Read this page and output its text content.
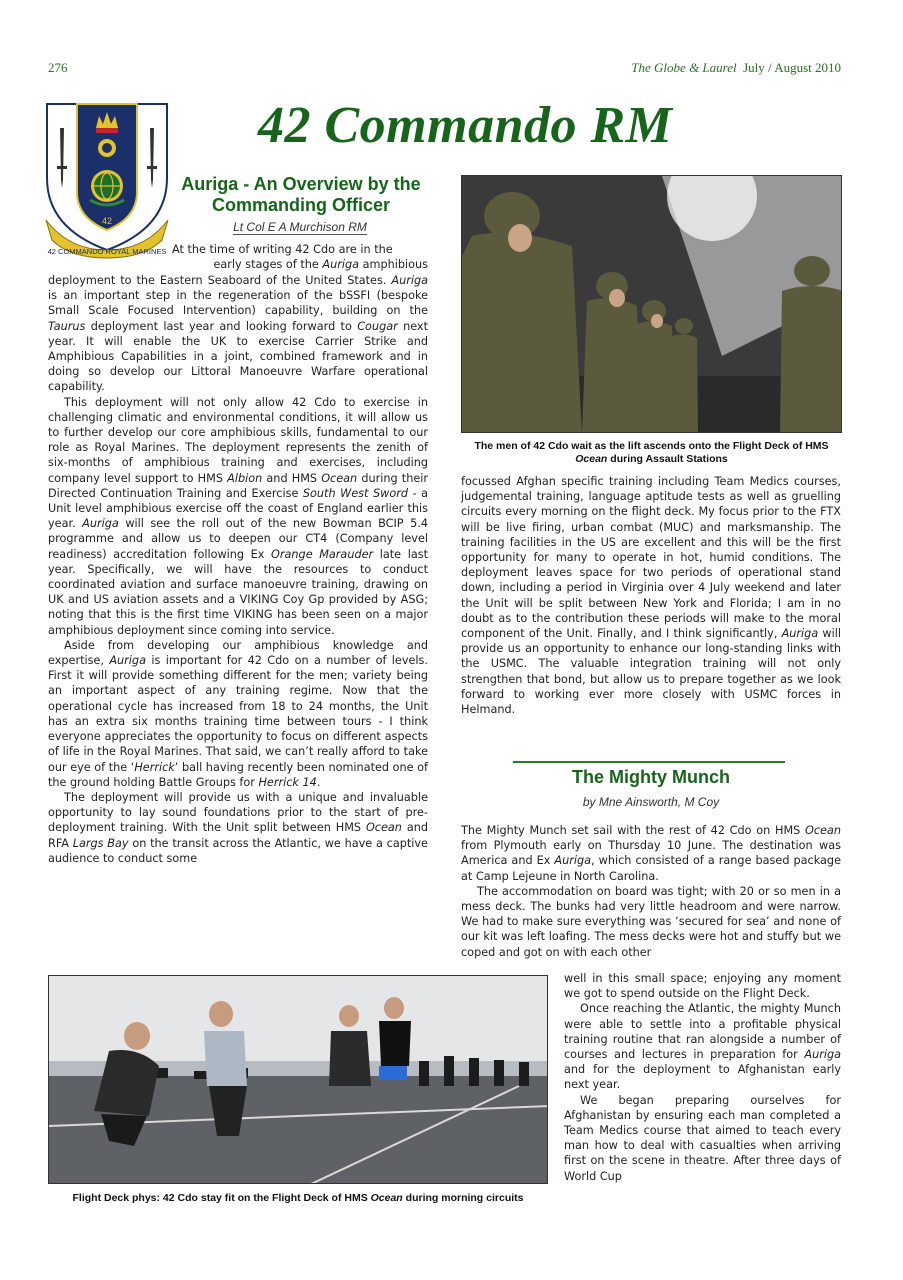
276	The Globe & Laurel July / August 2010
42 Commando RM
42 COMMANDO ROYAL MARINES
42
Auriga - An Overview by the
Commanding Officer
Lt Col E A Murchison RM
At the time of writing 42 Cdo are in the
early stages of the Auriga amphibious

deployment to the Eastern Seaboard of the United States. Auriga is an important step in the regeneration of the bSSFI (bespoke Small Scale Focused Intervention) capability, building on the Taurus deployment last year and looking forward to Cougar next year. It will enable the UK to exercise Carrier Strike and Amphibious Capabilities in a joint, combined framework and in doing so develop our Littoral Manoeuvre Warfare operational capability.

This deployment will not only allow 42 Cdo to exercise in challenging climatic and environmental conditions, it will allow us to further develop our core amphibious skills, fundamental to our role as Royal Marines. The deployment represents the zenith of six-months of amphibious training and exercises, including company level support to HMS Albion and HMS Ocean during their Directed Continuation Training and Exercise South West Sword - a Unit level amphibious exercise off the coast of England earlier this year. Auriga will see the roll out of the new Bowman BCIP 5.4 programme and allow us to deepen our CT4 (Company level readiness) accreditation following Ex Orange Marauder late last year. Specifically, we will have the resources to conduct coordinated aviation and surface manoeuvre training, drawing on UK and US aviation assets and a VIKING Coy Gp provided by ASG; noting that this is the first time VIKING has been seen on a major amphibious deployment since coming into service.

Aside from developing our amphibious knowledge and expertise, Auriga is important for 42 Cdo on a number of levels. First it will provide something different for the men; variety being an important aspect of any training regime. Now that the operational cycle has increased from 18 to 24 months, the Unit has an extra six months training time between tours - I think everyone appreciates the opportunity to focus on different aspects of life in the Royal Marines. That said, we can’t really afford to take our eye of the ‘Herrick’ ball having recently been nominated one of the ground holding Battle Groups for Herrick 14.

The deployment will provide us with a unique and invaluable opportunity to lay sound foundations prior to the start of pre-deployment training. With the Unit split between HMS Ocean and RFA Largs Bay on the transit across the Atlantic, we have a captive audience to conduct some

The men of 42 Cdo wait as the lift ascends onto the Flight Deck of HMS Ocean during Assault Stations

focussed Afghan specific training including Team Medics courses, judgemental training, language aptitude tests as well as gruelling circuits every morning on the flight deck. My focus prior to the FTX will be live firing, urban combat (MUC) and marksmanship. The training facilities in the US are excellent and this will be the first opportunity for many to operate in hot, humid conditions. The deployment leaves space for two periods of operational stand down, including a period in Virginia over 4 July weekend and later the Unit will be split between New York and Florida; I am in no doubt as to the contribution these periods will make to the moral component of the Unit. Finally, and I think significantly, Auriga will provide us an opportunity to enhance our long-standing links with the USMC. The valuable integration training will not only strengthen that bond, but allow us to prepare together as we look forward to working ever more closely with USMC forces in Helmand.

The Mighty Munch
by Mne Ainsworth, M Coy

The Mighty Munch set sail with the rest of 42 Cdo on HMS Ocean from Plymouth early on Thursday 10 June. The destination was America and Ex Auriga, which consisted of a range based package at Camp Lejeune in North Carolina.

The accommodation on board was tight; with 20 or so men in a mess deck. The bunks had very little headroom and were narrow. We had to make sure everything was ‘secured for sea’ and none of our kit was left loafing. The mess decks were hot and stuffy but we coped and got on with each other

well in this small space; enjoying any moment we got to spend outside on the Flight Deck.

Once reaching the Atlantic, the mighty Munch were able to settle into a profitable physical training routine that ran alongside a number of courses and lectures in preparation for Auriga and for the deployment to Afghanistan early next year.

We began preparing ourselves for Afghanistan by ensuring each man completed a Team Medics course that aimed to teach every man how to deal with casualties when arriving first on the scene in theatre. After three days of World Cup

Flight Deck phys: 42 Cdo stay fit on the Flight Deck of HMS Ocean during morning circuits
